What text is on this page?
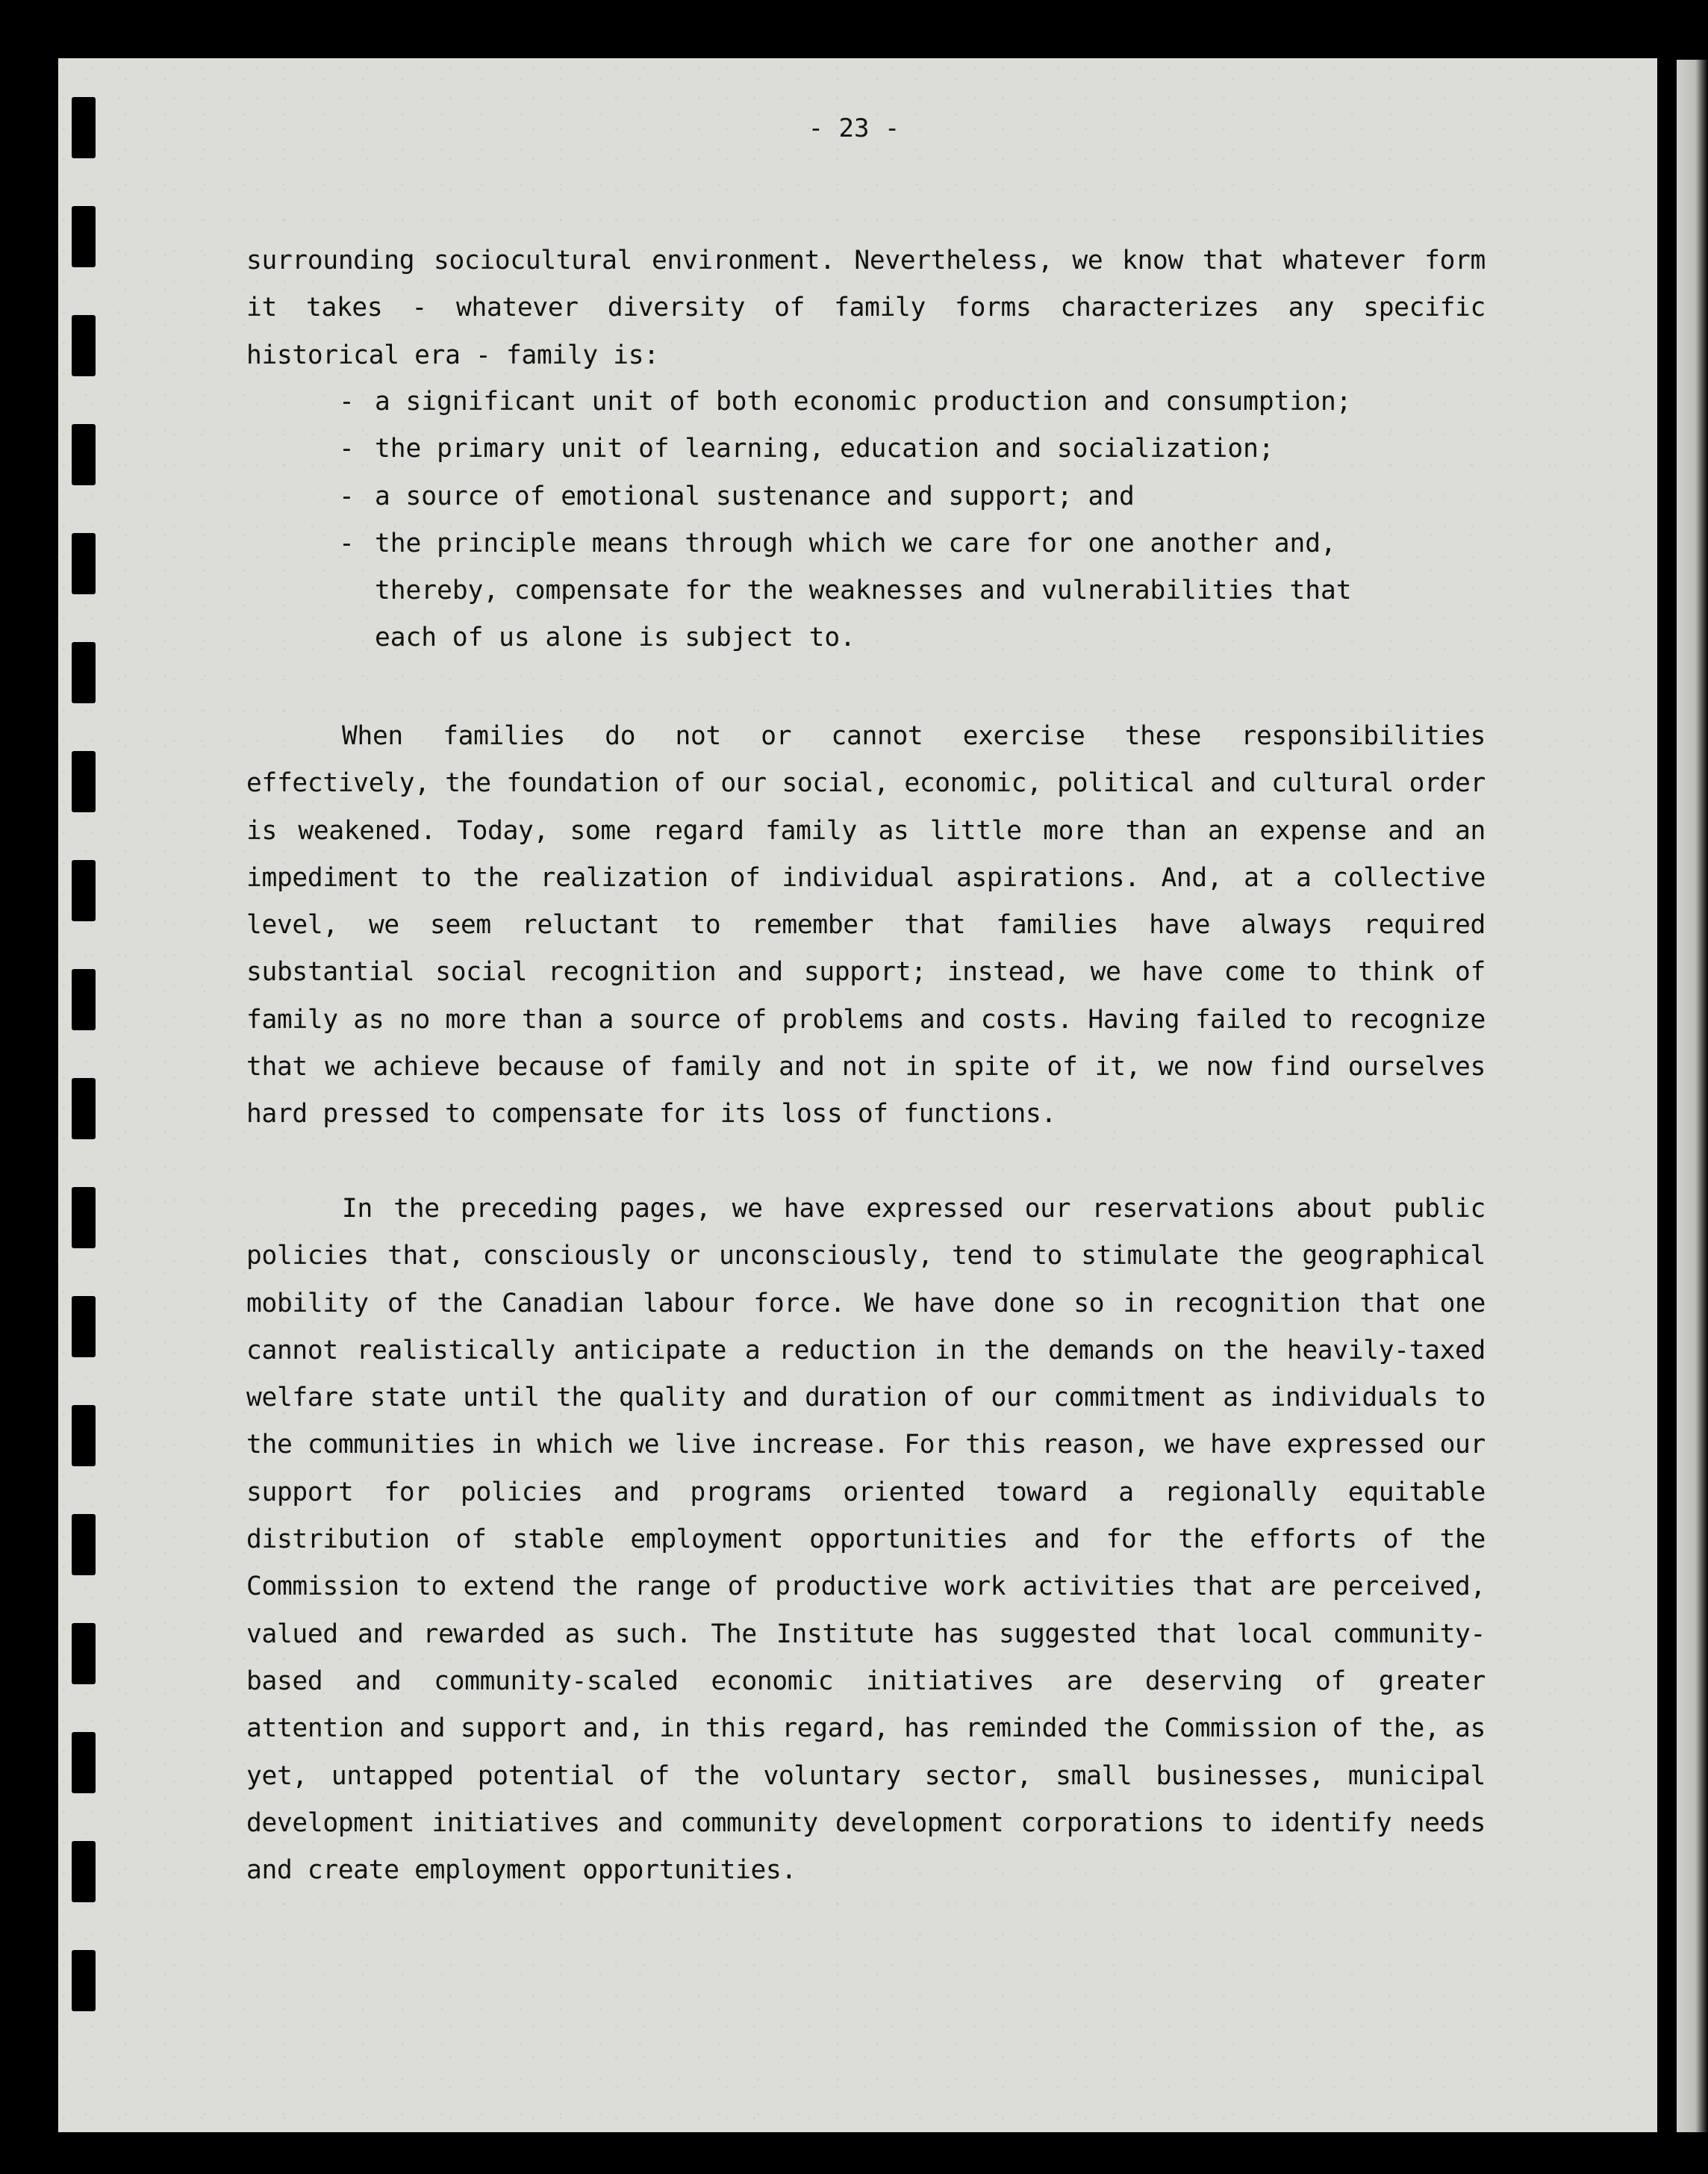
- 23 -

surrounding sociocultural environment. Nevertheless, we know that whatever form it takes - whatever diversity of family forms characterizes any specific historical era - family is:

- a significant unit of both economic production and consumption;
- the primary unit of learning, education and socialization;
- a source of emotional sustenance and support; and
- the principle means through which we care for one another and, thereby, compensate for the weaknesses and vulnerabilities that each of us alone is subject to.

When families do not or cannot exercise these responsibilities effectively, the foundation of our social, economic, political and cultural order is weakened. Today, some regard family as little more than an expense and an impediment to the realization of individual aspirations. And, at a collective level, we seem reluctant to remember that families have always required substantial social recognition and support; instead, we have come to think of family as no more than a source of problems and costs. Having failed to recognize that we achieve because of family and not in spite of it, we now find ourselves hard pressed to compensate for its loss of functions.

In the preceding pages, we have expressed our reservations about public policies that, consciously or unconsciously, tend to stimulate the geographical mobility of the Canadian labour force. We have done so in recognition that one cannot realistically anticipate a reduction in the demands on the heavily-taxed welfare state until the quality and duration of our commitment as individuals to the communities in which we live increase. For this reason, we have expressed our support for policies and programs oriented toward a regionally equitable distribution of stable employment opportunities and for the efforts of the Commission to extend the range of productive work activities that are perceived, valued and rewarded as such. The Institute has suggested that local community-based and community-scaled economic initiatives are deserving of greater attention and support and, in this regard, has reminded the Commission of the, as yet, untapped potential of the voluntary sector, small businesses, municipal development initiatives and community development corporations to identify needs and create employment opportunities.
